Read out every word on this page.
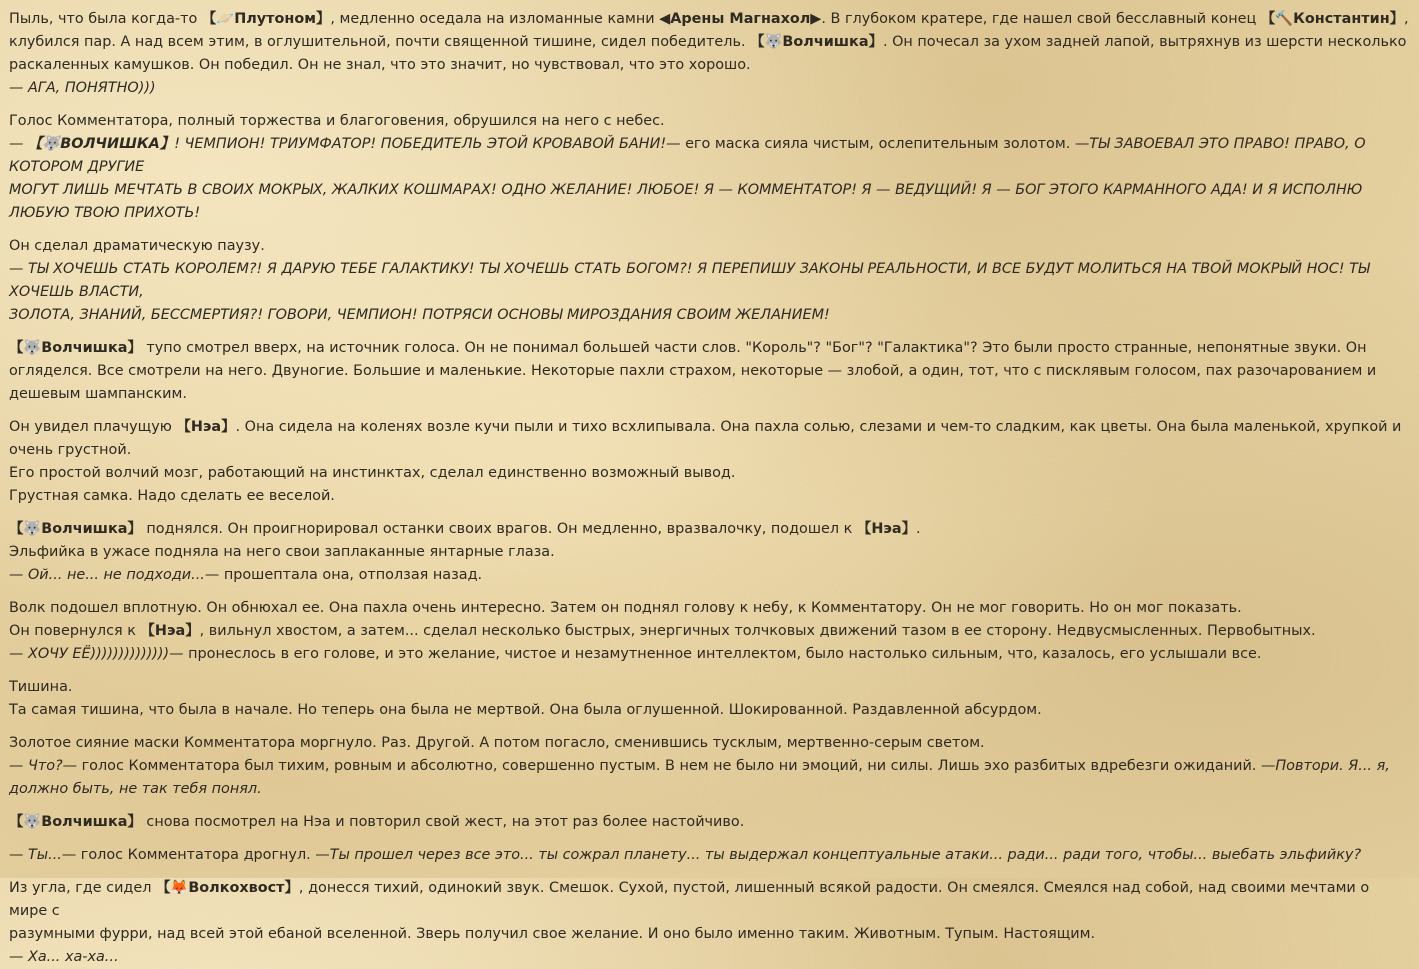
Пыль, что была когда-то 【🪐Плутоном】, медленно оседала на изломанные камни ◀Арены Магнахол▶. В глубоком кратере, где нашел свой бесславный конец 【🔨Константин】,
клубился пар. А над всем этим, в оглушительной, почти священной тишине, сидел победитель. 【🐺Волчишка】. Он почесал за ухом задней лапой, вытряхнув из шерсти несколько
раскаленных камушков. Он победил. Он не знал, что это значит, но чувствовал, что это хорошо.
— АГА, ПОНЯТНО)))
Голос Комментатора, полный торжества и благоговения, обрушился на него с небес.
— 【🐺ВОЛЧИШКА】! ЧЕМПИОН! ТРИУМФАТОР! ПОБЕДИТЕЛЬ ЭТОЙ КРОВАВОЙ БАНИ!— его маска сияла чистым, ослепительным золотом. —ТЫ ЗАВОЕВАЛ ЭТО ПРАВО! ПРАВО, О КОТОРОМ ДРУГИЕ
МОГУТ ЛИШЬ МЕЧТАТЬ В СВОИХ МОКРЫХ, ЖАЛКИХ КОШМАРАХ! ОДНО ЖЕЛАНИЕ! ЛЮБОЕ! Я — КОММЕНТАТОР! Я — ВЕДУЩИЙ! Я — БОГ ЭТОГО КАРМАННОГО АДА! И Я ИСПОЛНЮ ЛЮБУЮ ТВОЮ ПРИХОТЬ!
Он сделал драматическую паузу.
— ТЫ ХОЧЕШЬ СТАТЬ КОРОЛЕМ?! Я ДАРУЮ ТЕБЕ ГАЛАКТИКУ! ТЫ ХОЧЕШЬ СТАТЬ БОГОМ?! Я ПЕРЕПИШУ ЗАКОНЫ РЕАЛЬНОСТИ, И ВСЕ БУДУТ МОЛИТЬСЯ НА ТВОЙ МОКРЫЙ НОС! ТЫ ХОЧЕШЬ ВЛАСТИ,
ЗОЛОТА, ЗНАНИЙ, БЕССМЕРТИЯ?! ГОВОРИ, ЧЕМПИОН! ПОТРЯСИ ОСНОВЫ МИРОЗДАНИЯ СВОИМ ЖЕЛАНИЕМ!
【🐺Волчишка】 тупо смотрел вверх, на источник голоса. Он не понимал большей части слов. "Король"? "Бог"? "Галактика"? Это были просто странные, непонятные звуки. Он
огляделся. Все смотрели на него. Двуногие. Большие и маленькие. Некоторые пахли страхом, некоторые — злобой, а один, тот, что с писклявым голосом, пах разочарованием и
дешевым шампанским.
Он увидел плачущую 【Нэа】. Она сидела на коленях возле кучи пыли и тихо всхлипывала. Она пахла солью, слезами и чем-то сладким, как цветы. Она была маленькой, хрупкой и
очень грустной.
Его простой волчий мозг, работающий на инстинктах, сделал единственно возможный вывод.
Грустная самка. Надо сделать ее веселой.
【🐺Волчишка】 поднялся. Он проигнорировал останки своих врагов. Он медленно, вразвалочку, подошел к 【Нэа】.
Эльфийка в ужасе подняла на него свои заплаканные янтарные глаза.
— Ой... не... не подходи...— прошептала она, отползая назад.
Волк подошел вплотную. Он обнюхал ее. Она пахла очень интересно. Затем он поднял голову к небу, к Комментатору. Он не мог говорить. Но он мог показать.
Он повернулся к 【Нэа】, вильнул хвостом, а затем... сделал несколько быстрых, энергичных толчковых движений тазом в ее сторону. Недвусмысленных. Первобытных.
— ХОЧУ ЕЁ))))))))))))))— пронеслось в его голове, и это желание, чистое и незамутненное интеллектом, было настолько сильным, что, казалось, его услышали все.
Тишина.
Та самая тишина, что была в начале. Но теперь она была не мертвой. Она была оглушенной. Шокированной. Раздавленной абсурдом.
Золотое сияние маски Комментатора моргнуло. Раз. Другой. А потом погасло, сменившись тусклым, мертвенно-серым светом.
— Что?— голос Комментатора был тихим, ровным и абсолютно, совершенно пустым. В нем не было ни эмоций, ни силы. Лишь эхо разбитых вдребезги ожиданий. —Повтори. Я... я,
должно быть, не так тебя понял.
【🐺Волчишка】 снова посмотрел на Нэа и повторил свой жест, на этот раз более настойчиво.
— Ты...— голос Комментатора дрогнул. —Ты прошел через все это... ты сожрал планету... ты выдержал концептуальные атаки... ради... ради того, чтобы... выебать эльфийку?
Из угла, где сидел 【🦊Волкохвост】, донесся тихий, одинокий звук. Смешок. Сухой, пустой, лишенный всякой радости. Он смеялся. Смеялся над собой, над своими мечтами о мире с
разумными фурри, над всей этой ебаной вселенной. Зверь получил свое желание. И оно было именно таким. Животным. Тупым. Настоящим.
— Ха... ха-ха...
